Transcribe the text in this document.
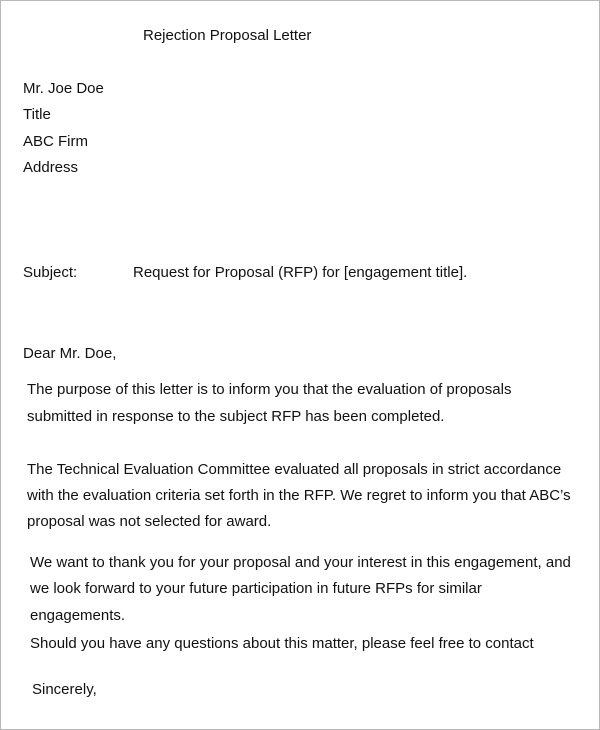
Rejection Proposal Letter
Mr. Joe Doe
Title
ABC Firm
Address
Subject:	Request for Proposal (RFP) for [engagement title].
Dear Mr. Doe,
The purpose of this letter is to inform you that the evaluation of proposals
submitted in response to the subject RFP has been completed.
The Technical Evaluation Committee evaluated all proposals in strict accordance
with the evaluation criteria set forth in the RFP. We regret to inform you that ABC’s
proposal was not selected for award.
We want to thank you for your proposal and your interest in this engagement, and
we look forward to your future participation in future RFPs for similar
engagements.
Should you have any questions about this matter, please feel free to contact
Sincerely,
